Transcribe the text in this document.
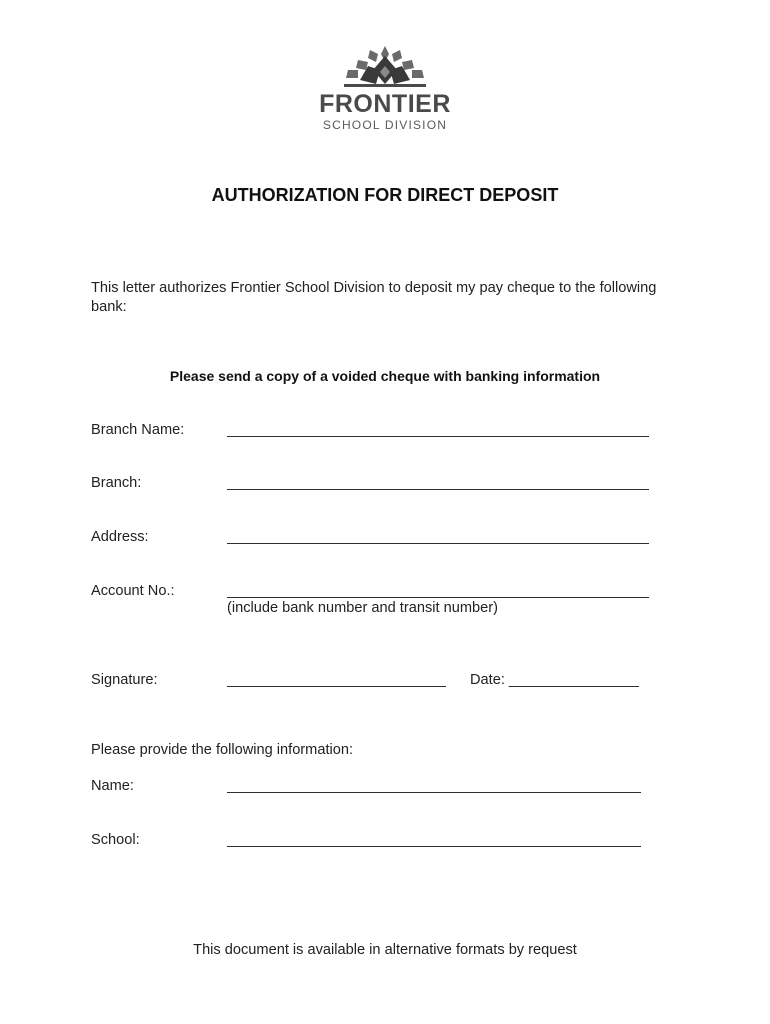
FRONTIER
SCHOOL DIVISION
AUTHORIZATION FOR DIRECT DEPOSIT
This letter authorizes Frontier School Division to deposit my pay cheque to the following bank:
Please send a copy of a voided cheque with banking information
Branch Name:	____________________________________________________
Branch:	____________________________________________________
Address:	____________________________________________________
Account No.:	____________________________________________________
(include bank number and transit number)
Signature:	___________________________ Date: ________________
Please provide the following information:
Name:	___________________________________________________
School:	___________________________________________________
This document is available in alternative formats by request
